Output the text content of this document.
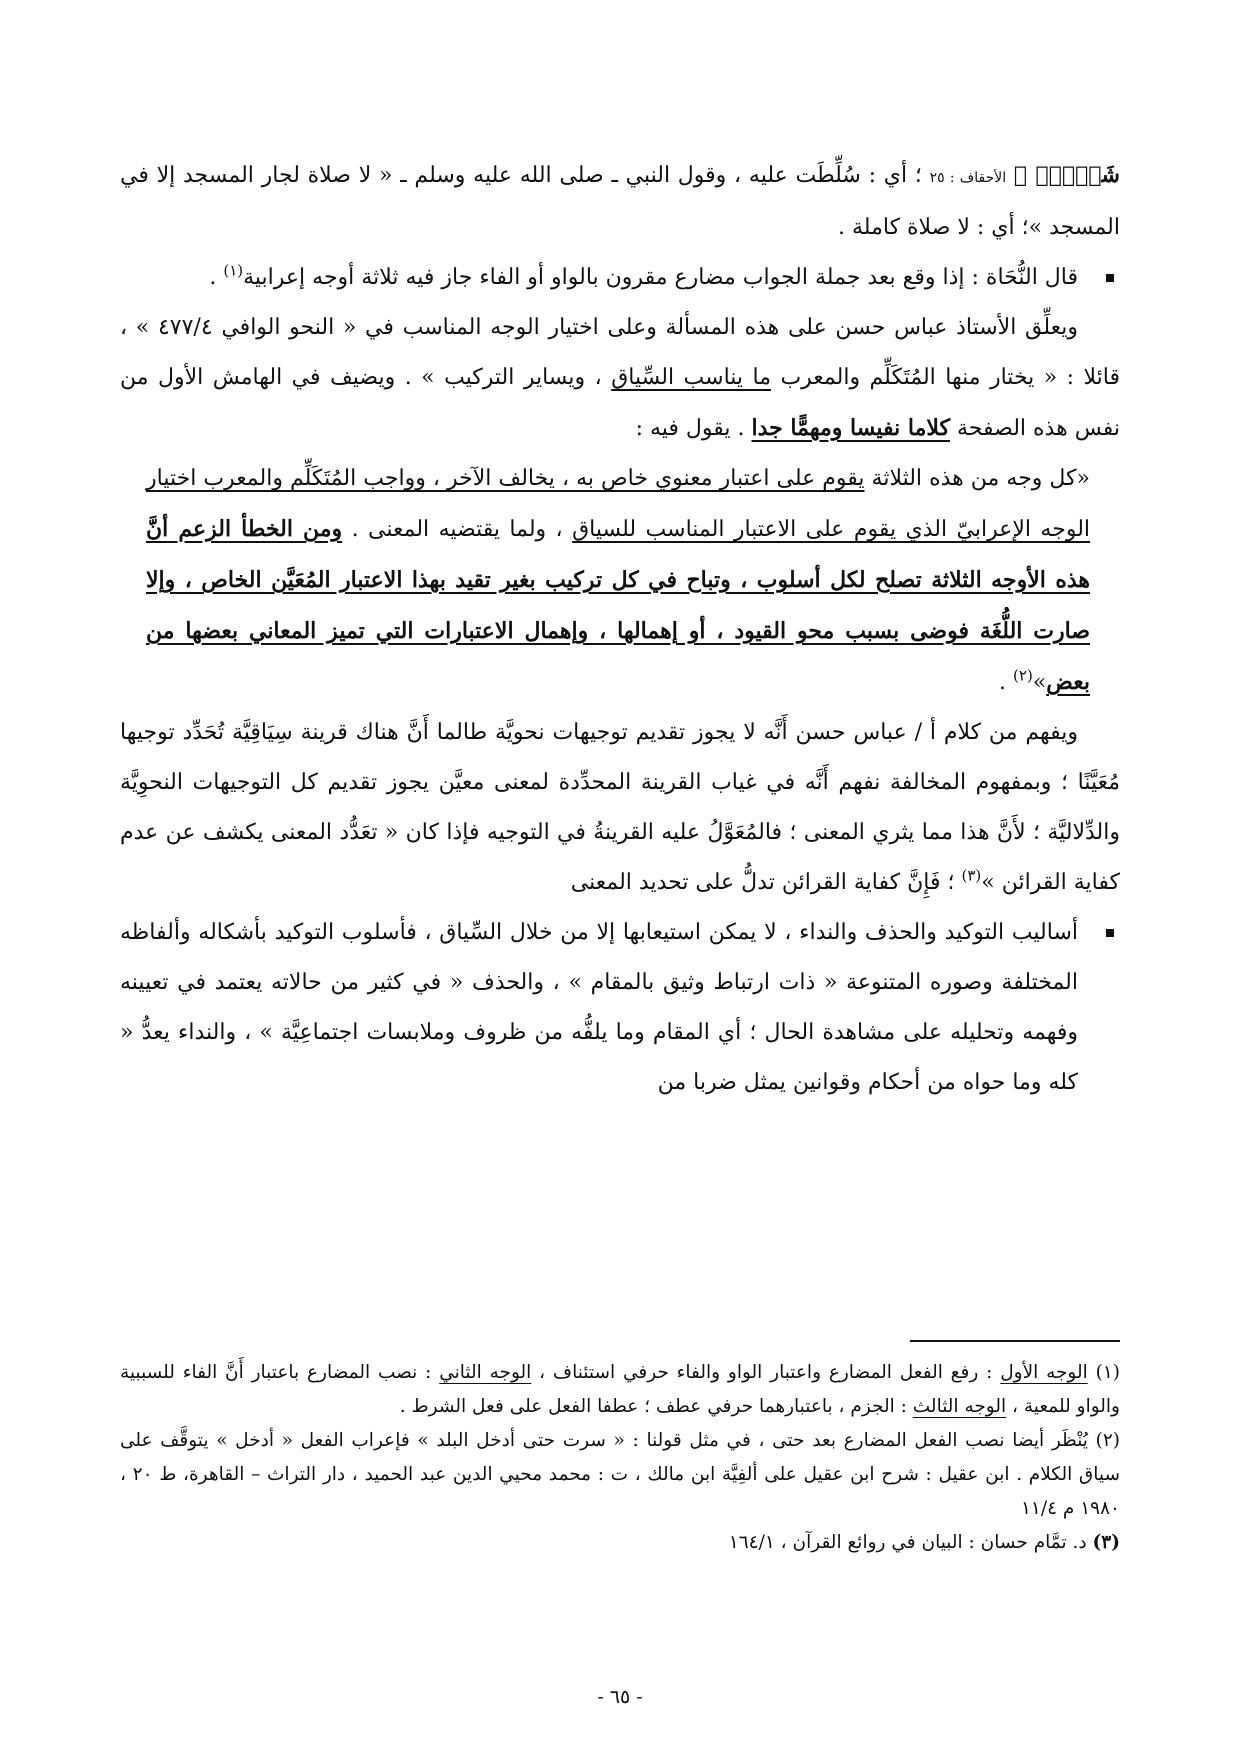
شَيۡءٖۚ ﴾ الأحقاف : ٢٥ ؛ أي : سُلِّطَت عليه ، وقول النبي ـ صلى الله عليه وسلم ـ « لا صلاة لجار المسجد إلا في المسجد »؛ أي : لا صلاة كاملة .

قال النُّحَاة : إذا وقع بعد جملة الجواب مضارع مقرون بالواو أو الفاء جاز فيه ثلاثة أوجه إعرابية$^{(١)}$ .

ويعلِّق الأستاذ عباس حسن على هذه المسألة وعلى اختيار الوجه المناسب في « النحو الوافي ٤٧٧/٤ » ، قائلا : « يختار منها المُتَكَلِّم والمعرب ما يناسب السِّياق ، ويساير التركيب » . ويضيف في الهامش الأول من نفس هذه الصفحة كلاما نفيسا ومهمًّا جدا . يقول فيه :

«كل وجه من هذه الثلاثة يقوم على اعتبار معنوي خاص به ، يخالف الآخر ، وواجب المُتَكَلِّم والمعرب اختيار الوجه الإعرابيّ الذي يقوم على الاعتبار المناسب للسياق ، ولما يقتضيه المعنى . ومن الخطأ الزعم أنَّ هذه الأوجه الثلاثة تصلح لكل أسلوب ، وتباح في كل تركيب بغير تقيد بهذا الاعتبار المُعَيَّن الخاص ، وإلا صارت اللُّغَة فوضى بسبب محو القيود ، أو إهمالها ، وإهمال الاعتبارات التي تميز المعاني بعضها من بعض»$^{(٢)}$ .

ويفهم من كلام أ / عباس حسن أَنَّه لا يجوز تقديم توجيهات نحويَّة طالما أَنَّ هناك قرينة سِيَاقِيَّة تُحَدِّد توجيها مُعَيَّنًا ؛ وبمفهوم المخالفة نفهم أَنَّه في غياب القرينة المحدِّدة لمعنى معيَّن يجوز تقديم كل التوجيهات النحوِيَّة والدِّلاليَّة ؛ لأَنَّ هذا مما يثري المعنى ؛ فالمُعَوَّلُ عليه القرينةُ في التوجيه فإذا كان « تعَدُّد المعنى يكشف عن عدم كفاية القرائن »$^{(٣)}$ ؛ فَإِنَّ كفاية القرائن تدلُّ على تحديد المعنى

أساليب التوكيد والحذف والنداء ، لا يمكن استيعابها إلا من خلال السِّياق ، فأسلوب التوكيد بأشكاله وألفاظه المختلفة وصوره المتنوعة « ذات ارتباط وثيق بالمقام » ، والحذف « في كثير من حالاته يعتمد في تعيينه وفهمه وتحليله على مشاهدة الحال ؛ أي المقام وما يلفُّه من ظروف وملابسات اجتماعِيَّة » ، والنداء يعدُّ « كله وما حواه من أحكام وقوانين يمثل ضربا من

(١) الوجه الأول : رفع الفعل المضارع واعتبار الواو والفاء حرفي استئناف ، الوجه الثاني : نصب المضارع باعتبار أَنَّ الفاء للسببية والواو للمعية ، الوجه الثالث : الجزم ، باعتبارهما حرفي عطف ؛ عطفا الفعل على فعل الشرط .

(٢) يُنْظَر أيضا نصب الفعل المضارع بعد حتى ، في مثل قولنا : « سرت حتى أدخل البلد » فإعراب الفعل « أدخل » يتوقَّف على سياق الكلام . ابن عقيل : شرح ابن عقيل على ألفِيَّة ابن مالك ، ت : محمد محيي الدين عبد الحميد ، دار التراث – القاهرة، ط ٢٠ ، ١٩٨٠ م ١١/٤

(٣) د. تمَّام حسان : البيان في روائع القرآن ، ١٦٤/١

- ٦٥ -
